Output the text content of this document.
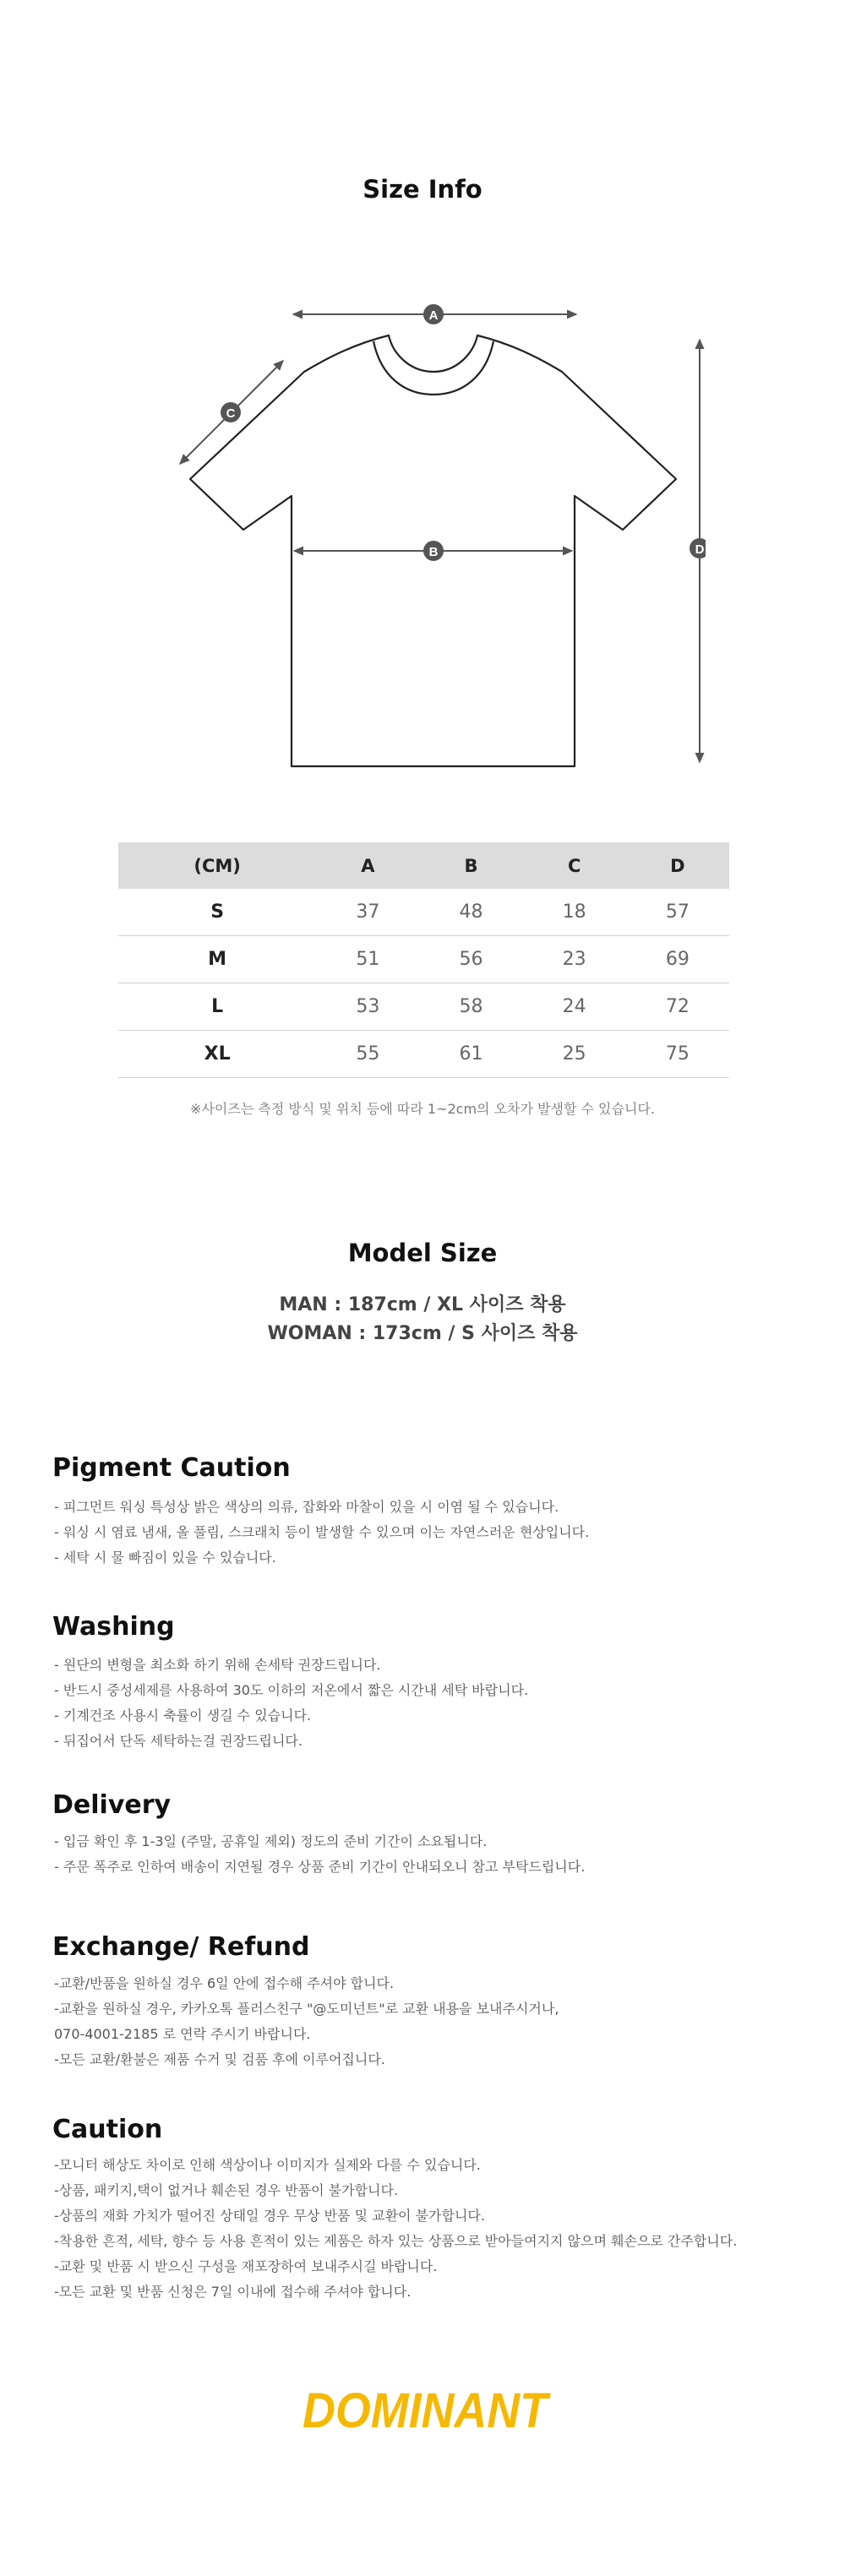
Size Info
A
C
B	D
(CM)	A	B	C	D
S	37	48	18	57
M	51	56	23	69
L	53	58	24	72
XL	55	61	25	75
※사이즈는 측정 방식 및 위치 등에 따라 1~2cm의 오차가 발생할 수 있습니다.
Model Size
MAN : 187cm / XL 사이즈 착용
WOMAN : 173cm / S 사이즈 착용
Pigment Caution
- 피그먼트 워싱 특성상 밝은 색상의 의류, 잡화와 마찰이 있을 시 이염 될 수 있습니다.
- 워싱 시 염료 냄새, 올 풀림, 스크래치 등이 발생할 수 있으며 이는 자연스러운 현상입니다.
- 세탁 시 물 빠짐이 있을 수 있습니다.
Washing
- 원단의 변형을 최소화 하기 위해 손세탁 권장드립니다.
- 반드시 중성세제를 사용하여 30도 이하의 저온에서 짧은 시간내 세탁 바랍니다.
- 기계건조 사용시 축률이 생길 수 있습니다.
- 뒤집어서 단독 세탁하는걸 권장드립니다.
Delivery
- 입금 확인 후 1-3일 (주말, 공휴일 제외) 정도의 준비 기간이 소요됩니다.
- 주문 폭주로 인하여 배송이 지연될 경우 상품 준비 기간이 안내되오니 참고 부탁드립니다.
Exchange/ Refund
-교환/반품을 원하실 경우 6일 안에 접수해 주셔야 합니다.
-교환을 원하실 경우, 카카오톡 플러스친구 "@도미넌트"로 교환 내용을 보내주시거나,
070-4001-2185 로 연락 주시기 바랍니다.
-모든 교환/환불은 제품 수거 및 검품 후에 이루어집니다.
Caution
-모니터 해상도 차이로 인해 색상이나 이미지가 실제와 다를 수 있습니다.
-상품, 패키지,택이 없거나 훼손된 경우 반품이 불가합니다.
-상품의 재화 가치가 떨어진 상태일 경우 무상 반품 및 교환이 불가합니다.
-착용한 흔적, 세탁, 향수 등 사용 흔적이 있는 제품은 하자 있는 상품으로 받아들여지지 않으며 훼손으로 간주합니다.
-교환 및 반품 시 받으신 구성을 재포장하여 보내주시길 바랍니다.
-모든 교환 및 반품 신청은 7일 이내에 접수해 주셔야 합니다.
DOMINANT
